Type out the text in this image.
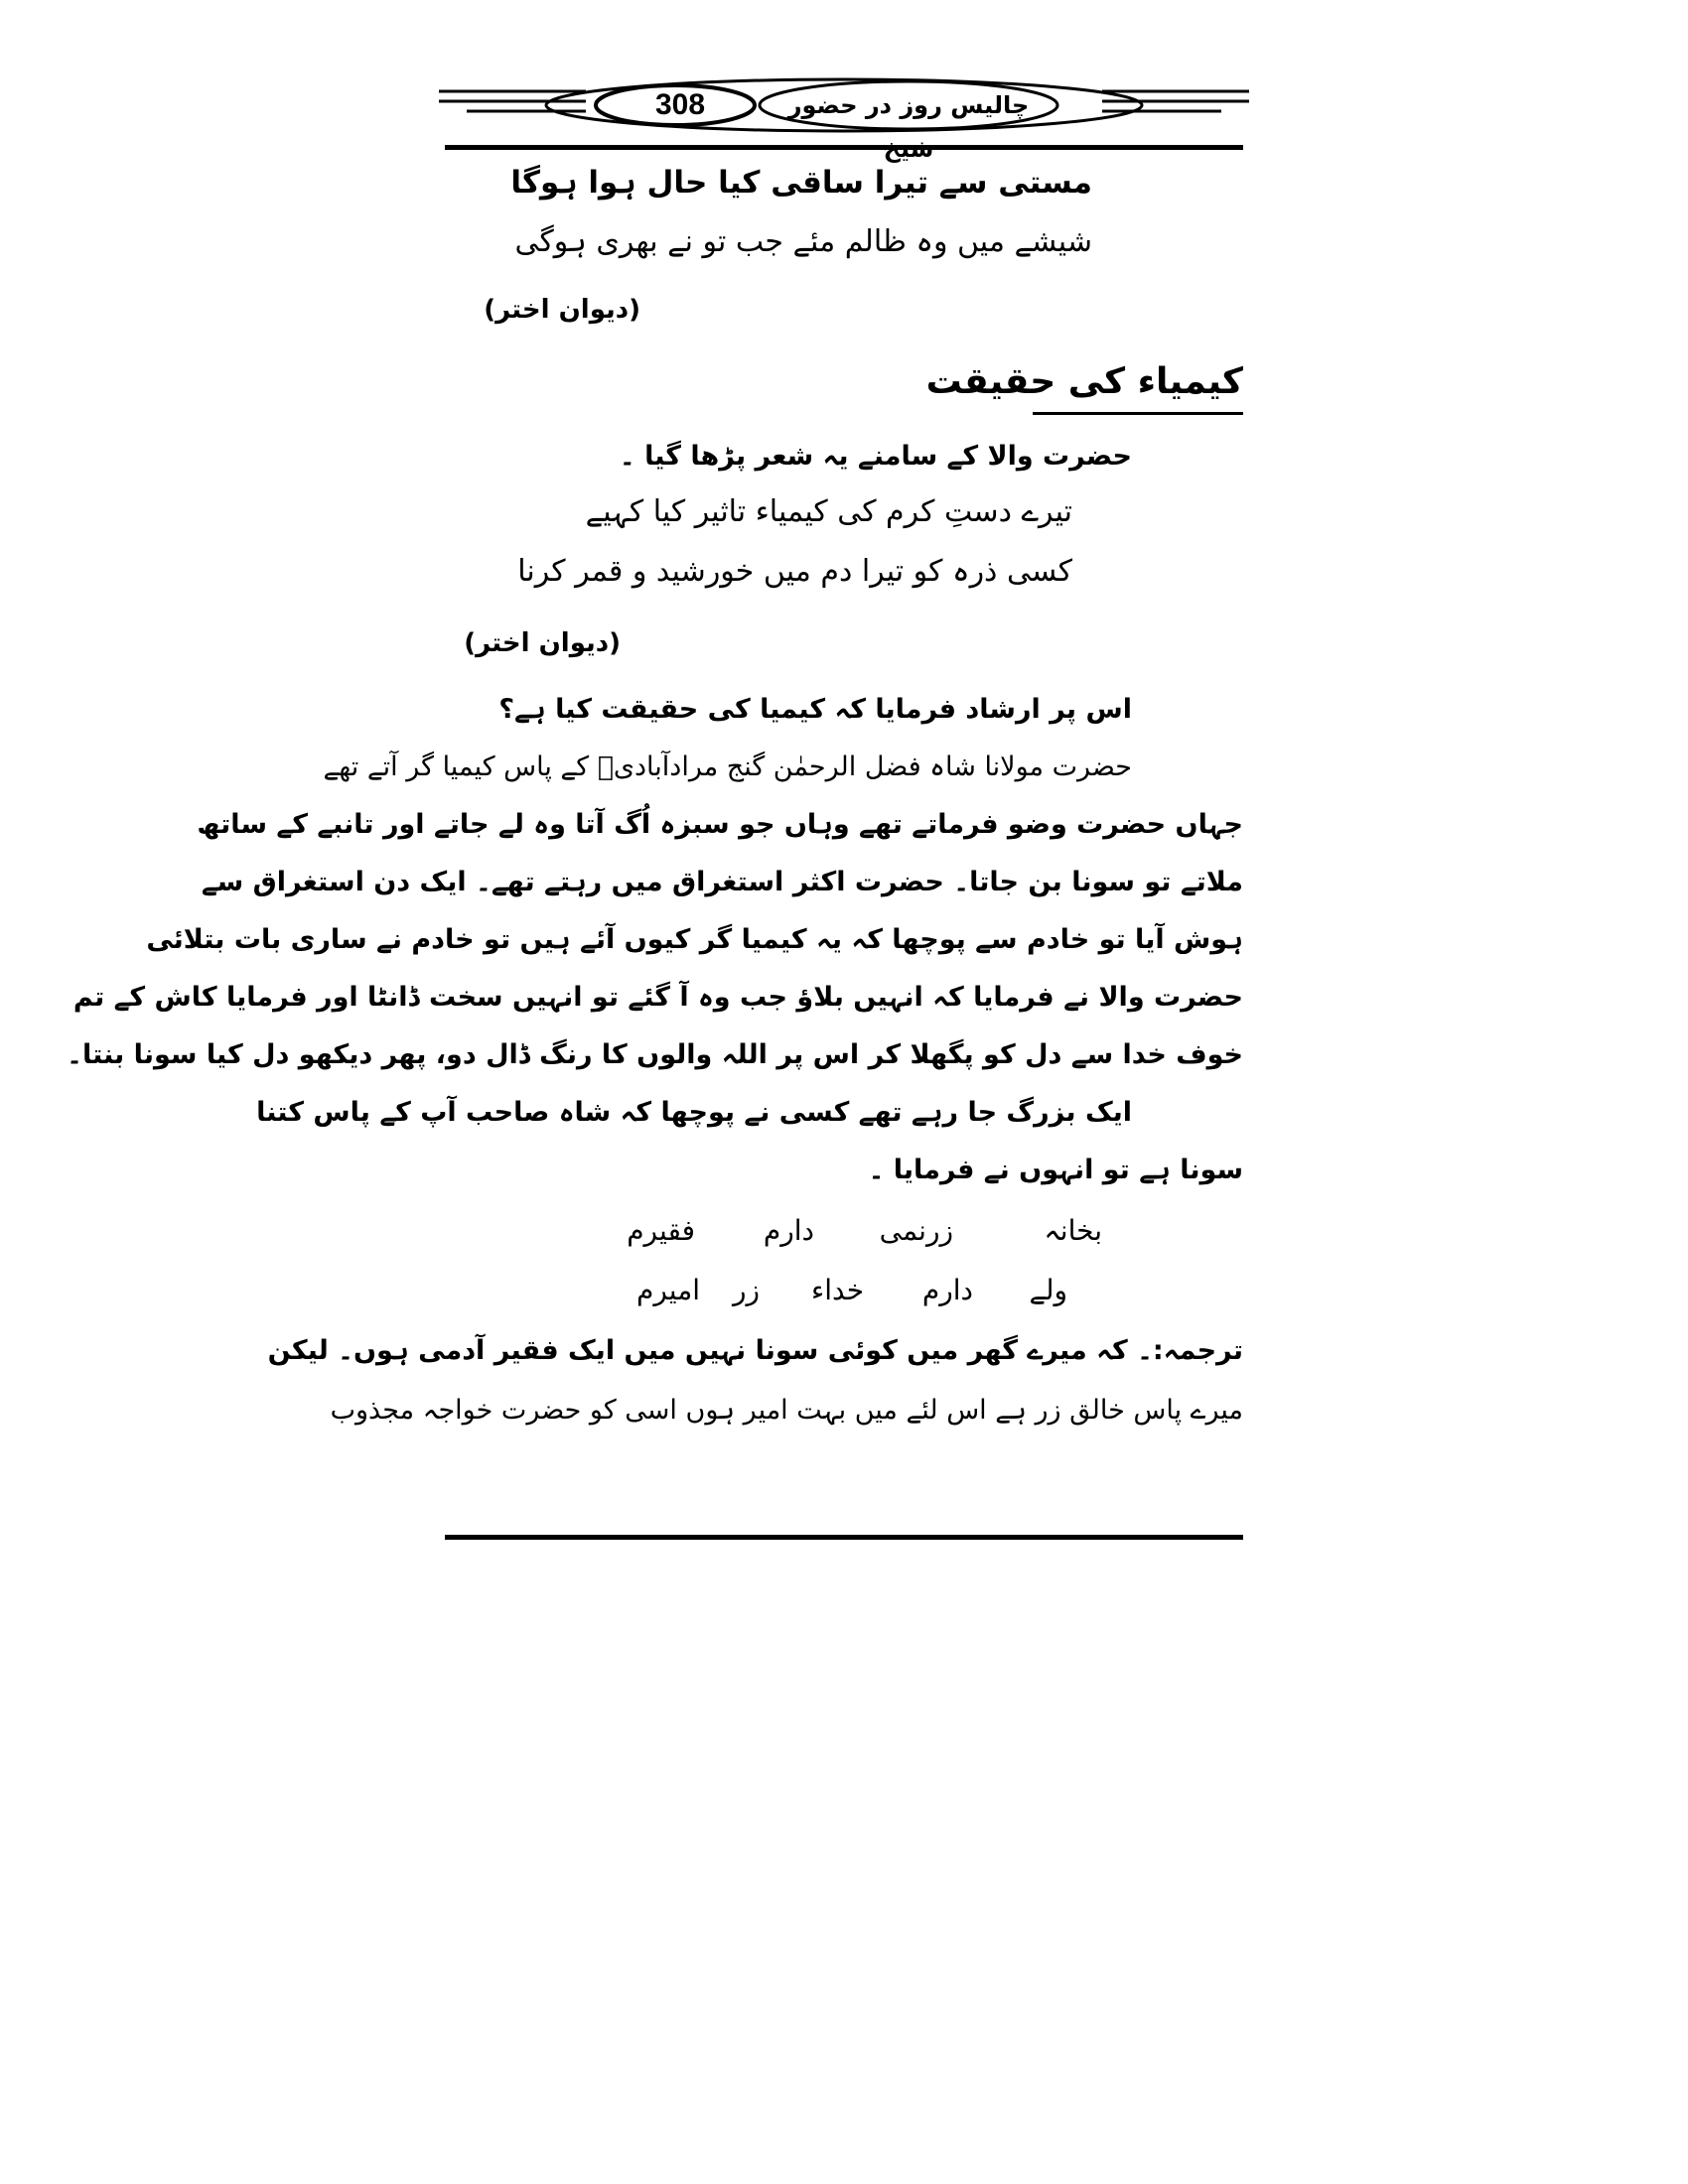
308	چالیس روز در حضور
مستی سے تیرا ساقی کیا حال ہوا ہوگا
شیشے میں وہ ظالم مئے جب تو نے بھری ہوگی
(دیوان اختر)
کیمیاء کی حقیقت
حضرت والا کے سامنے یہ شعر پڑھا گیا ۔
تیرے دستِ کرم کی کیمیاء تاثیر کیا کہیے
کسی ذرہ کو تیرا دم میں خورشید و قمر کرنا
(دیوان اختر)
اس پر ارشاد فرمایا کہ کیمیا کی حقیقت کیا ہے؟
حضرت مولانا شاہ فضل الرحمٰن گنج مرادآبادیؒ کے پاس کیمیا گر آتے تھے
جہاں حضرت وضو فرماتے تھے وہاں جو سبزہ اُگ آتا وہ لے جاتے اور تانبے کے ساتھ
ملاتے تو سونا بن جاتا۔ حضرت اکثر استغراق میں رہتے تھے۔ ایک دن استغراق سے
ہوش آیا تو خادم سے پوچھا کہ یہ کیمیا گر کیوں آئے ہیں تو خادم نے ساری بات بتلائی
حضرت والا نے فرمایا کہ انہیں بلاؤ جب وہ آ گئے تو انہیں سخت ڈانٹا اور فرمایا کاش کے تم
خوف خدا سے دل کو پگھلا کر اس پر اللہ والوں کا رنگ ڈال دو، پھر دیکھو دل کیا سونا بنتا۔
ایک بزرگ جا رہے تھے کسی نے پوچھا کہ شاہ صاحب آپ کے پاس کتنا
سونا ہے تو انہوں نے فرمایا ۔
بخانہ
زرنمی
دارم
فقیرم
ولے
دارم
خداء
زر
امیرم
ترجمہ:۔ کہ میرے گھر میں کوئی سونا نہیں میں ایک فقیر آدمی ہوں۔ لیکن
میرے پاس خالق زر ہے اس لئے میں بہت امیر ہوں اسی کو حضرت خواجہ مجذوب
